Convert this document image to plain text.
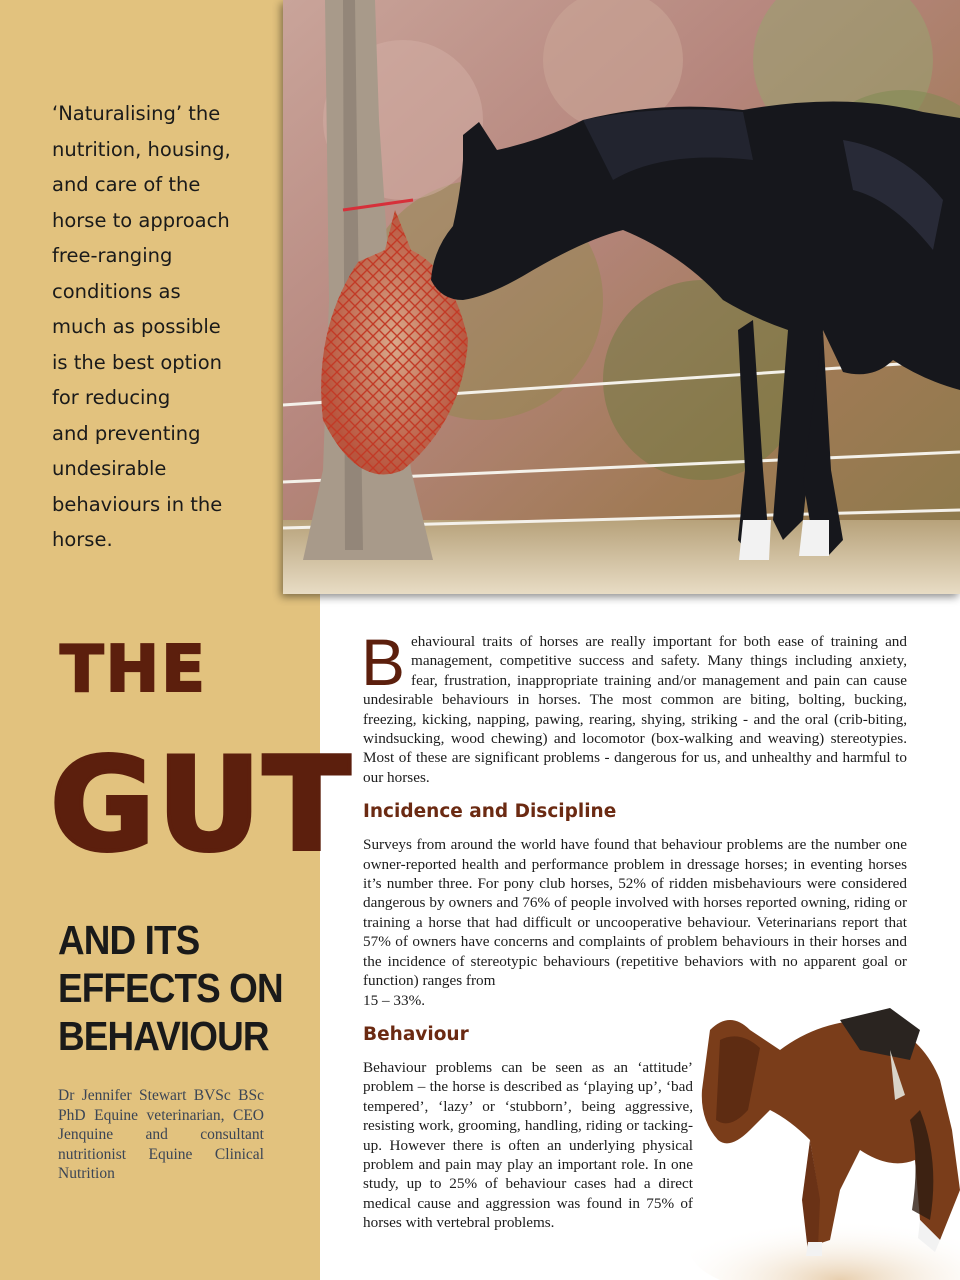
‘Naturalising’ the
nutrition, housing,
and care of the
horse to approach
free-ranging
conditions as
much as possible
is the best option
for reducing
and preventing
undesirable
behaviours in the
horse.
THE
GUT
AND ITS
EFFECTS ON
BEHAVIOUR
Dr Jennifer Stewart BVSc BSc PhD Equine veterinarian, CEO Jenquine and consultant nutritionist Equine Clinical Nutrition

Behavioural traits of horses are really important for both ease of training and management, competitive success and safety. Many things including anxiety, fear, frustration, inappropriate training and/or management and pain can cause undesirable behaviours in horses. The most common are biting, bolting, bucking, freezing, kicking, napping, pawing, rearing, shying, striking - and the oral (crib-biting, windsucking, wood chewing) and locomotor (box-walking and weaving) stereotypies. Most of these are significant problems - dangerous for us, and unhealthy and harmful to our horses.

Incidence and Discipline

Surveys from around the world have found that behaviour problems are the number one owner-reported health and performance problem in dressage horses; in eventing horses it’s number three. For pony club horses, 52% of ridden misbehaviours were considered dangerous by owners and 76% of people involved with horses reported owning, riding or training a horse that had difficult or uncooperative behaviour. Veterinarians report that 57% of owners have concerns and complaints of problem behaviours in their horses and the incidence of stereotypic behaviours (repetitive behaviors with no apparent goal or function) ranges from
15 – 33%.

Behaviour

Behaviour problems can be seen as an ‘attitude’ problem – the horse is described as ‘playing up’, ‘bad tempered’, ‘lazy’ or ‘stubborn’, being aggressive, resisting work, grooming, handling, riding or tacking-up. However there is often an underlying physical problem and pain may play an important role. In one study, up to 25% of behaviour cases had a direct medical cause and aggression was found in 75% of horses with vertebral problems.
